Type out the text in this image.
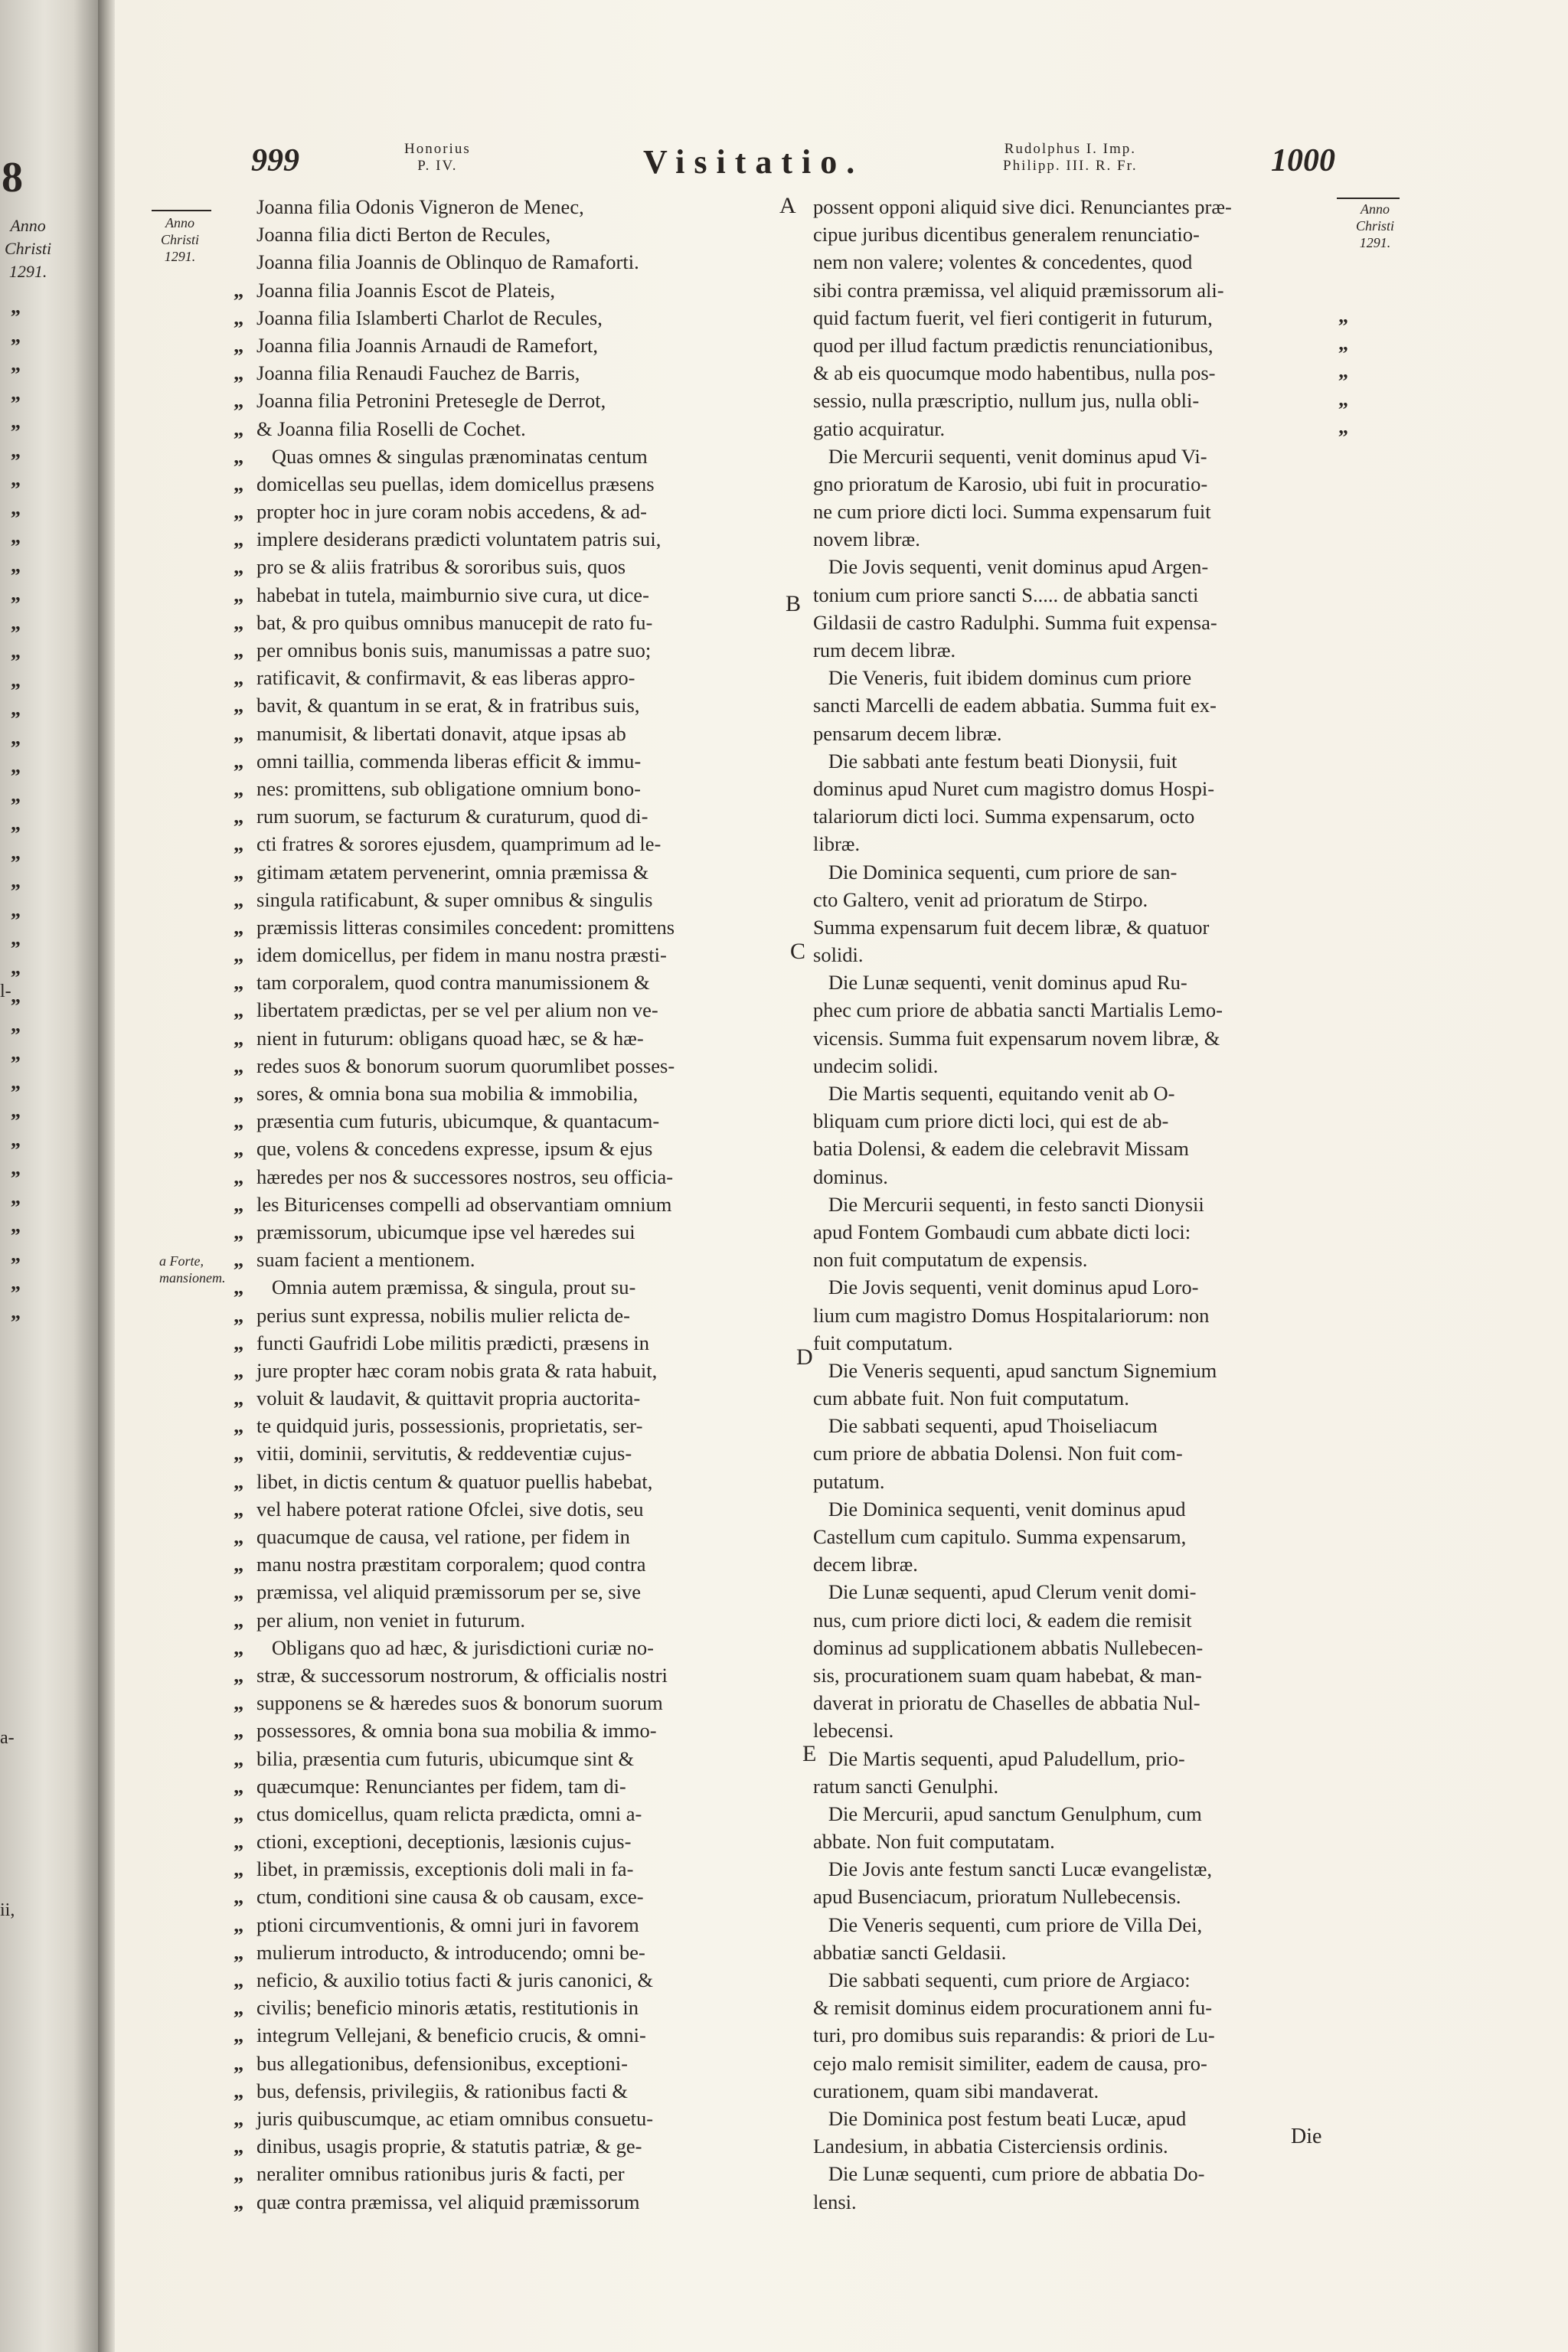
8
Anno
Christi
1291.
„
„
„
„
„
„
„
„
„
„
„
„
„
„
„
„
„
„
„
„
„
„
„
„
„
„
„
„
„
„
„
„
„
„
„
„
l-
a-
ii,
999	Honorius
P. IV.	Visitatio.	Rudolphus I. Imp.
Philipp. III. R. Fr.	1000
Anno
Christi
1291.
Anno
Christi
1291.
a Forte, mansionem.
A
B
C
D
E
Joanna filia Odonis Vigneron de Menec,
Joanna filia dicti Berton de Recules,
Joanna filia Joannis de Oblinquo de Ramaforti.
„ Joanna filia Joannis Escot de Plateis,
„ Joanna filia Islamberti Charlot de Recules,
„ Joanna filia Joannis Arnaudi de Ramefort,
„ Joanna filia Renaudi Fauchez de Barris,
„ Joanna filia Petronini Pretesegle de Derrot,
„ & Joanna filia Roselli de Cochet.
„ Quas omnes & singulas prænominatas centum
„ domicellas seu puellas, idem domicellus præsens
„ propter hoc in jure coram nobis accedens, & ad-
„ implere desiderans prædicti voluntatem patris sui,
„ pro se & aliis fratribus & sororibus suis, quos
„ habebat in tutela, maimburnio sive cura, ut dice-
„ bat, & pro quibus omnibus manucepit de rato fu-
„ per omnibus bonis suis, manumissas a patre suo;
„ ratificavit, & confirmavit, & eas liberas appro-
„ bavit, & quantum in se erat, & in fratribus suis,
„ manumisit, & libertati donavit, atque ipsas ab
„ omni taillia, commenda liberas efficit & immu-
„ nes: promittens, sub obligatione omnium bono-
„ rum suorum, se facturum & curaturum, quod di-
„ cti fratres & sorores ejusdem, quamprimum ad le-
„ gitimam ætatem pervenerint, omnia præmissa &
„ singula ratificabunt, & super omnibus & singulis
„ præmissis litteras consimiles concedent: promittens
„ idem domicellus, per fidem in manu nostra præsti-
„ tam corporalem, quod contra manumissionem &
„ libertatem prædictas, per se vel per alium non ve-
„ nient in futurum: obligans quoad hæc, se & hæ-
„ redes suos & bonorum suorum quorumlibet posses-
„ sores, & omnia bona sua mobilia & immobilia,
„ præsentia cum futuris, ubicumque, & quantacum-
„ que, volens & concedens expresse, ipsum & ejus
„ hæredes per nos & successores nostros, seu officia-
„ les Bituricenses compelli ad observantiam omnium
„ præmissorum, ubicumque ipse vel hæredes sui
„ suam facient a mentionem.
„ Omnia autem præmissa, & singula, prout su-
„ perius sunt expressa, nobilis mulier relicta de-
„ functi Gaufridi Lobe militis prædicti, præsens in
„ jure propter hæc coram nobis grata & rata habuit,
„ voluit & laudavit, & quittavit propria auctorita-
„ te quidquid juris, possessionis, proprietatis, ser-
„ vitii, dominii, servitutis, & reddeventiæ cujus-
„ libet, in dictis centum & quatuor puellis habebat,
„ vel habere poterat ratione Ofclei, sive dotis, seu
„ quacumque de causa, vel ratione, per fidem in
„ manu nostra præstitam corporalem; quod contra
„ præmissa, vel aliquid præmissorum per se, sive
„ per alium, non veniet in futurum.
„ Obligans quo ad hæc, & jurisdictioni curiæ no-
„ stræ, & successorum nostrorum, & officialis nostri
„ supponens se & hæredes suos & bonorum suorum
„ possessores, & omnia bona sua mobilia & immo-
„ bilia, præsentia cum futuris, ubicumque sint &
„ quæcumque: Renunciantes per fidem, tam di-
„ ctus domicellus, quam relicta prædicta, omni a-
„ ctioni, exceptioni, deceptionis, læsionis cujus-
„ libet, in præmissis, exceptionis doli mali in fa-
„ ctum, conditioni sine causa & ob causam, exce-
„ ptioni circumventionis, & omni juri in favorem
„ mulierum introducto, & introducendo; omni be-
„ neficio, & auxilio totius facti & juris canonici, &
„ civilis; beneficio minoris ætatis, restitutionis in
„ integrum Vellejani, & beneficio crucis, & omni-
„ bus allegationibus, defensionibus, exceptioni-
„ bus, defensis, privilegiis, & rationibus facti &
„ juris quibuscumque, ac etiam omnibus consuetu-
„ dinibus, usagis proprie, & statutis patriæ, & ge-
„ neraliter omnibus rationibus juris & facti, per
„ quæ contra præmissa, vel aliquid præmissorum
possent opponi aliquid sive dici. Renunciantes præ-
cipue juribus dicentibus generalem renunciatio-
nem non valere; volentes & concedentes, quod
sibi contra præmissa, vel aliquid præmissorum ali-
quid factum fuerit, vel fieri contigerit in futurum,
quod per illud factum prædictis renunciationibus,
& ab eis quocumque modo habentibus, nulla pos-
sessio, nulla præscriptio, nullum jus, nulla obli-
gatio acquiratur.
Die Mercurii sequenti, venit dominus apud Vi-
gno prioratum de Karosio, ubi fuit in procuratio-
ne cum priore dicti loci. Summa expensarum fuit
novem libræ.
Die Jovis sequenti, venit dominus apud Argen-
tonium cum priore sancti S..... de abbatia sancti
Gildasii de castro Radulphi. Summa fuit expensa-
rum decem libræ.
Die Veneris, fuit ibidem dominus cum priore
sancti Marcelli de eadem abbatia. Summa fuit ex-
pensarum decem libræ.
Die sabbati ante festum beati Dionysii, fuit
dominus apud Nuret cum magistro domus Hospi-
talariorum dicti loci. Summa expensarum, octo
libræ.
Die Dominica sequenti, cum priore de san-
cto Galtero, venit ad prioratum de Stirpo.
Summa expensarum fuit decem libræ, & quatuor
solidi.
Die Lunæ sequenti, venit dominus apud Ru-
phec cum priore de abbatia sancti Martialis Lemo-
vicensis. Summa fuit expensarum novem libræ, &
undecim solidi.
Die Martis sequenti, equitando venit ab O-
bliquam cum priore dicti loci, qui est de ab-
batia Dolensi, & eadem die celebravit Missam
dominus.
Die Mercurii sequenti, in festo sancti Dionysii
apud Fontem Gombaudi cum abbate dicti loci:
non fuit computatum de expensis.
Die Jovis sequenti, venit dominus apud Loro-
lium cum magistro Domus Hospitalariorum: non
fuit computatum.
Die Veneris sequenti, apud sanctum Signemium
cum abbate fuit. Non fuit computatum.
Die sabbati sequenti, apud Thoiseliacum
cum priore de abbatia Dolensi. Non fuit com-
putatum.
Die Dominica sequenti, venit dominus apud
Castellum cum capitulo. Summa expensarum,
decem libræ.
Die Lunæ sequenti, apud Clerum venit domi-
nus, cum priore dicti loci, & eadem die remisit
dominus ad supplicationem abbatis Nullebecen-
sis, procurationem suam quam habebat, & man-
daverat in prioratu de Chaselles de abbatia Nul-
lebecensi.
Die Martis sequenti, apud Paludellum, prio-
ratum sancti Genulphi.
Die Mercurii, apud sanctum Genulphum, cum
abbate. Non fuit computatam.
Die Jovis ante festum sancti Lucæ evangelistæ,
apud Busenciacum, prioratum Nullebecensis.
Die Veneris sequenti, cum priore de Villa Dei,
abbatiæ sancti Geldasii.
Die sabbati sequenti, cum priore de Argiaco:
& remisit dominus eidem procurationem anni fu-
turi, pro domibus suis reparandis: & priori de Lu-
cejo malo remisit similiter, eadem de causa, pro-
curationem, quam sibi mandaverat.
Die Dominica post festum beati Lucæ, apud
Landesium, in abbatia Cisterciensis ordinis.
Die Lunæ sequenti, cum priore de abbatia Do-
lensi.
„
„
„
„
„
Die
